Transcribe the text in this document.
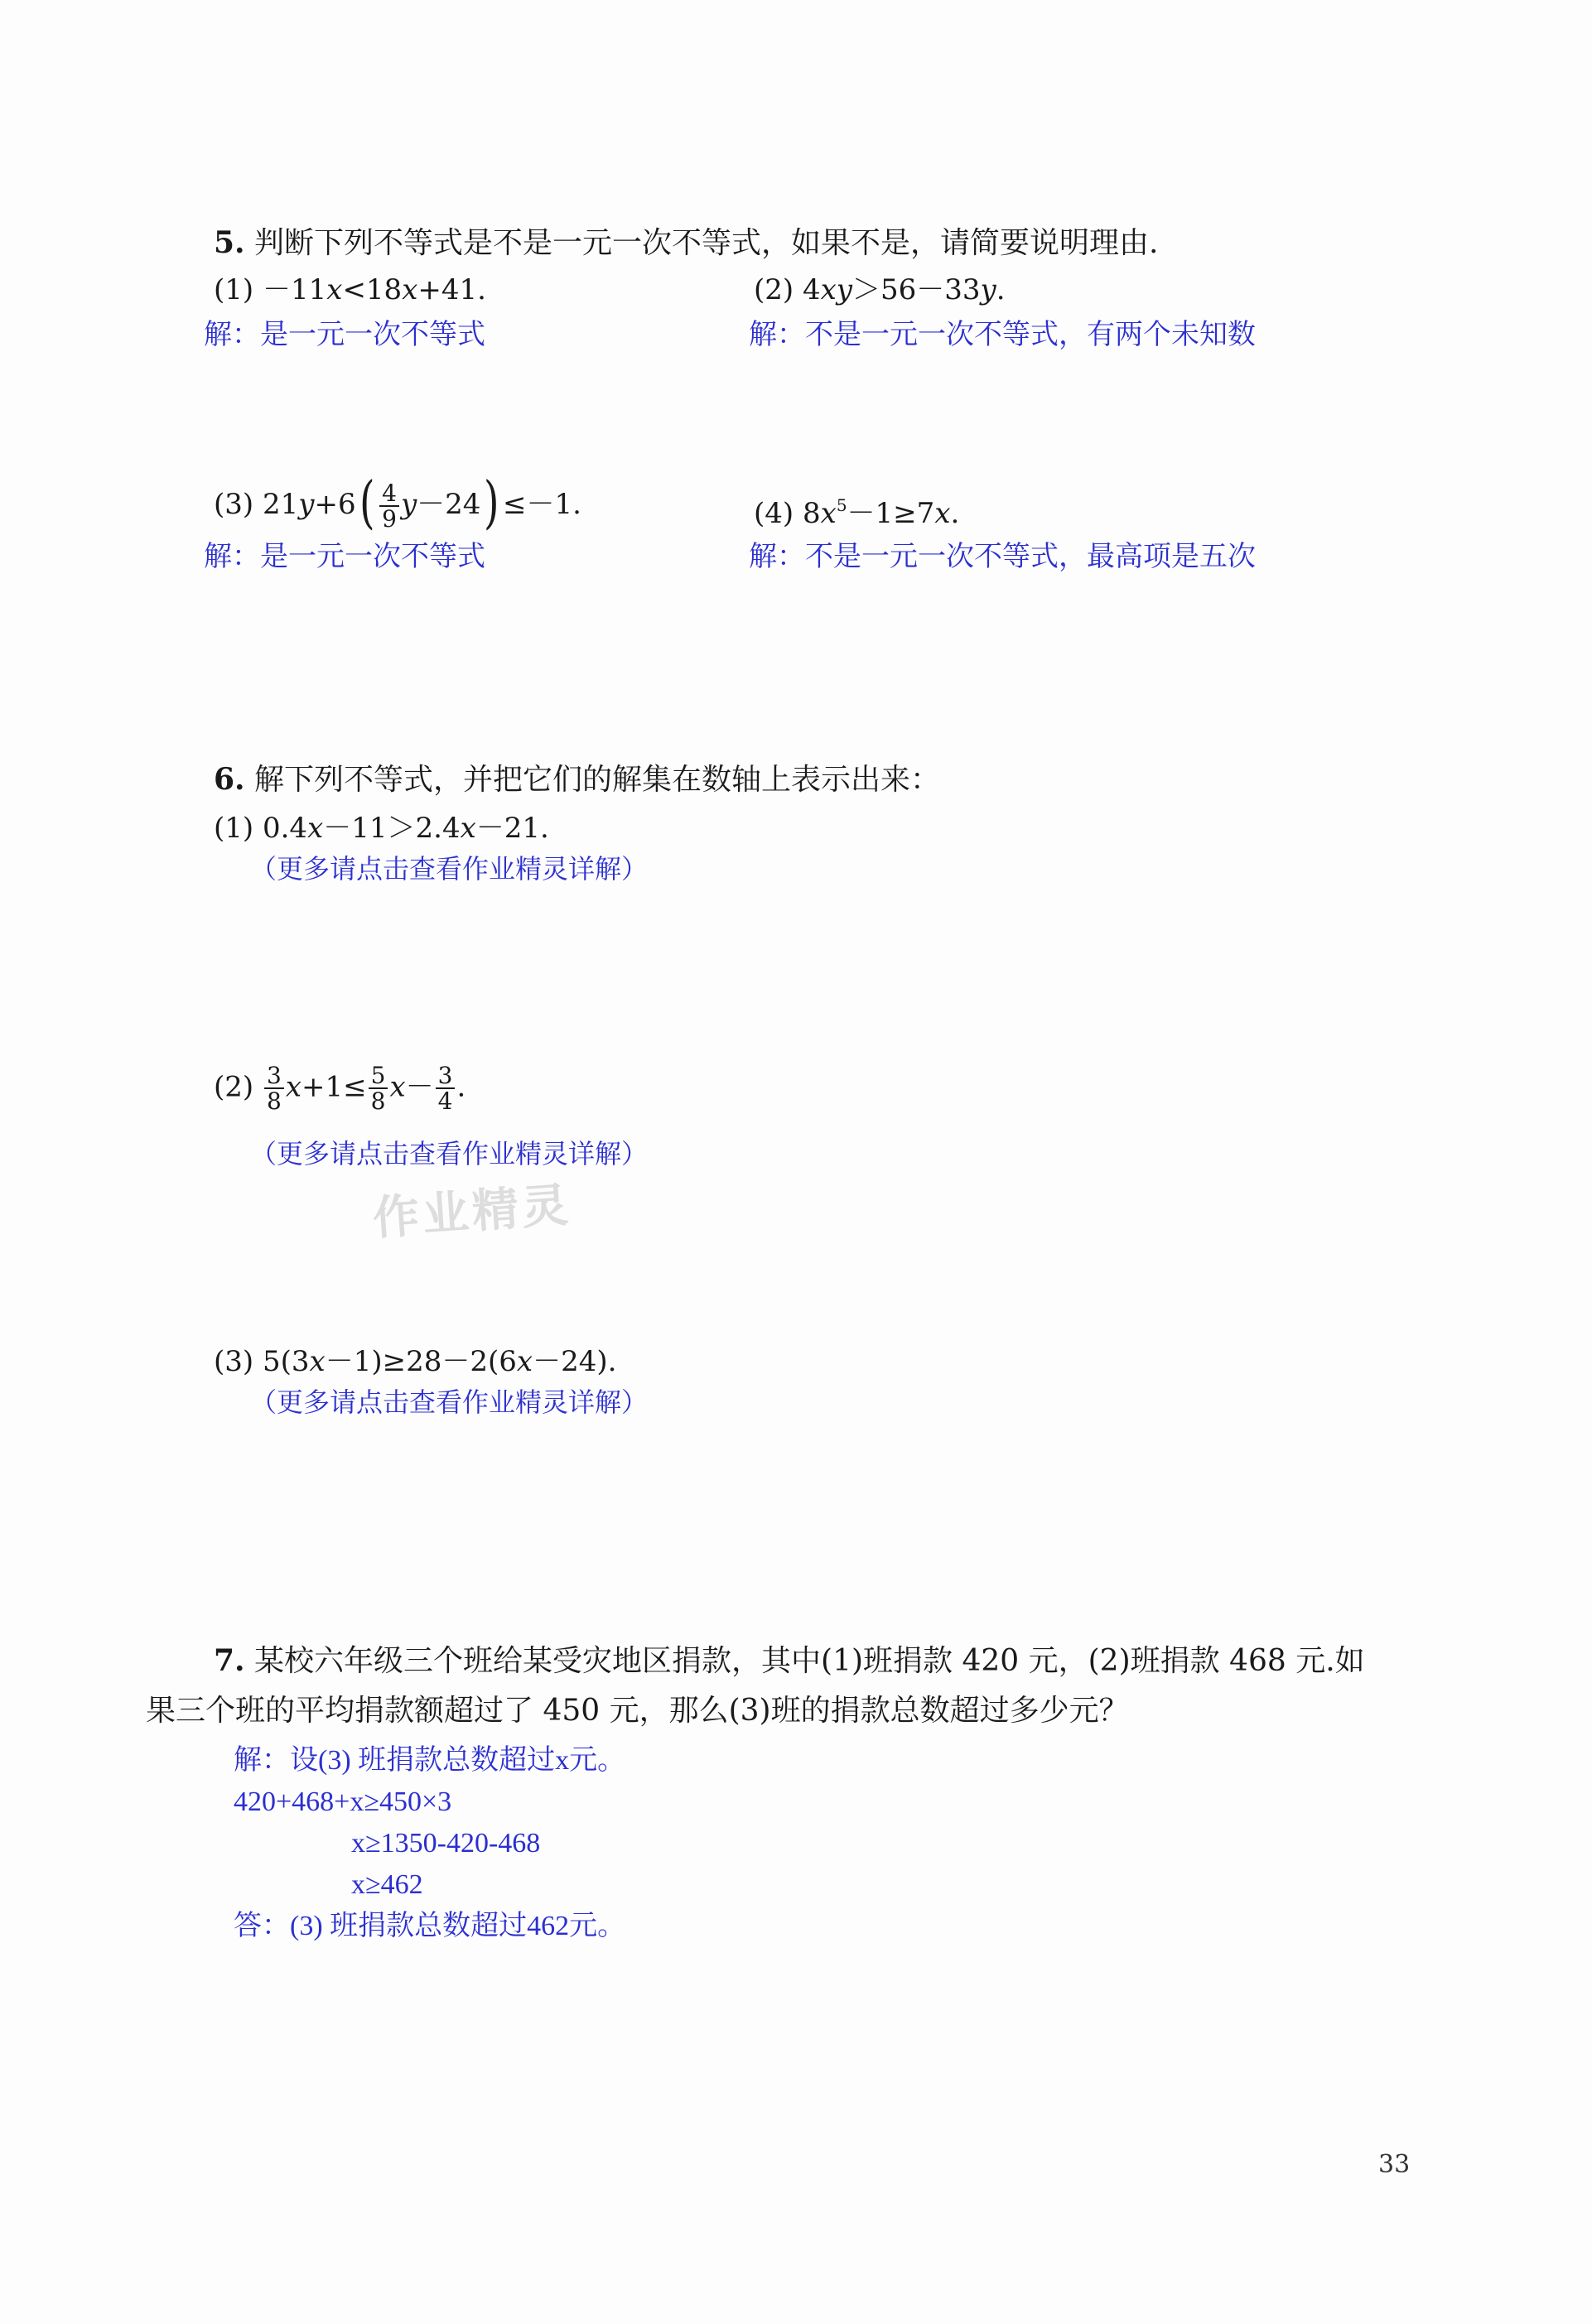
5. 判断下列不等式是不是一元一次不等式，如果不是，请简要说明理由.
(1) －11x<18x+41.	(2) 4xy＞56－33y.
解：是一元一次不等式	解：不是一元一次不等式，有两个未知数
(3) $21y+6( \frac{4}{9} y-24) \le-1$.	(4) $8x^5-1\ge 7x$.
解：是一元一次不等式	解：不是一元一次不等式，最高项是五次
6. 解下列不等式，并把它们的解集在数轴上表示出来：
(1) 0.4x－11＞2.4x－21.
（更多请点击查看作业精灵详解）
$(2) \frac{3}{8} x+1\le \frac{5}{8} x- \frac{3}{4}$ .
（更多请点击查看作业精灵详解）
作业精灵
(3) 5(3x－1)≥28－2(6x－24).
（更多请点击查看作业精灵详解）
7. 某校六年级三个班给某受灾地区捐款，其中(1)班捐款 420 元，(2)班捐款 468 元.如
果三个班的平均捐款额超过了 450 元，那么(3)班的捐款总数超过多少元？
解：设(3) 班捐款总数超过x元。
420+468+x≥450×3
x≥1350-420-468
x≥462
答：(3) 班捐款总数超过462元。
33
